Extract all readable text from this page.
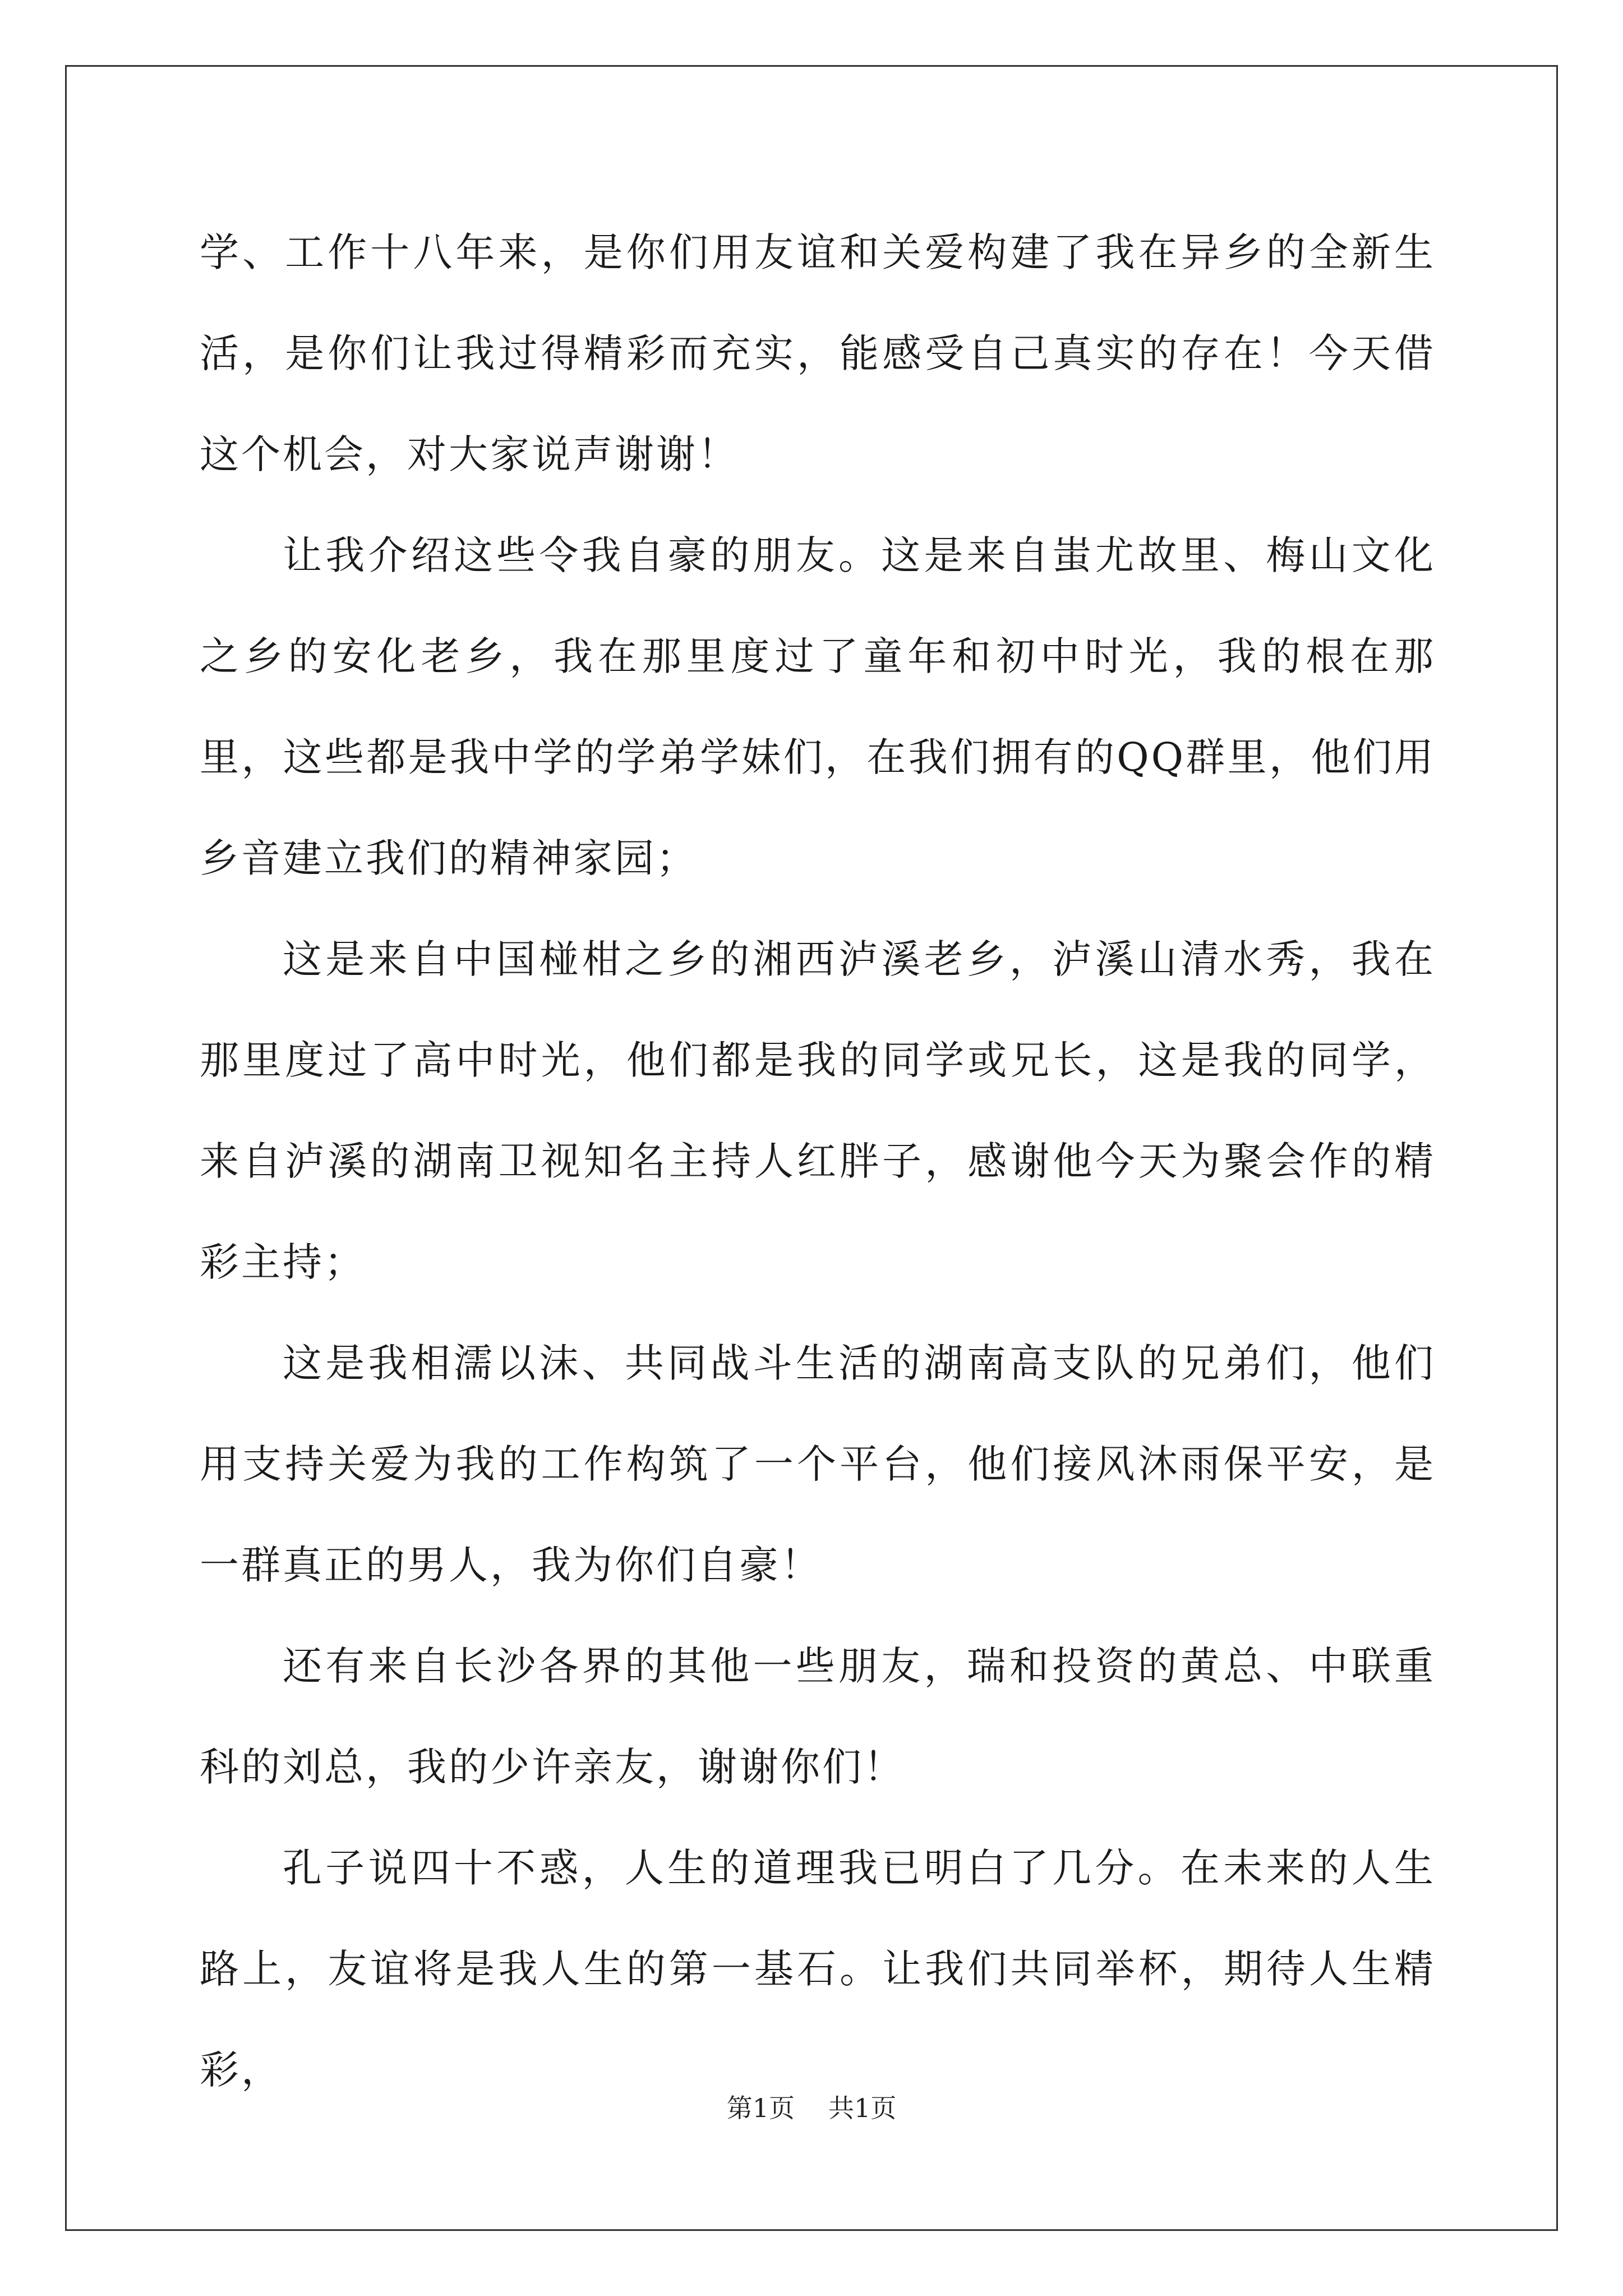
学、工作十八年来，是你们用友谊和关爱构建了我在异乡的全新生活，是你们让我过得精彩而充实，能感受自己真实的存在！今天借这个机会，对大家说声谢谢！

让我介绍这些令我自豪的朋友。这是来自蚩尤故里、梅山文化之乡的安化老乡，我在那里度过了童年和初中时光，我的根在那里，这些都是我中学的学弟学妹们，在我们拥有的QQ群里，他们用乡音建立我们的精神家园；

这是来自中国椪柑之乡的湘西泸溪老乡，泸溪山清水秀，我在那里度过了高中时光，他们都是我的同学或兄长，这是我的同学，来自泸溪的湖南卫视知名主持人红胖子，感谢他今天为聚会作的精彩主持；

这是我相濡以沫、共同战斗生活的湖南高支队的兄弟们，他们用支持关爱为我的工作构筑了一个平台，他们接风沐雨保平安，是一群真正的男人，我为你们自豪！

还有来自长沙各界的其他一些朋友，瑞和投资的黄总、中联重科的刘总，我的少许亲友，谢谢你们！

孔子说四十不惑，人生的道理我已明白了几分。在未来的人生路上，友谊将是我人生的第一基石。让我们共同举杯，期待人生精彩，

第1页 共1页
